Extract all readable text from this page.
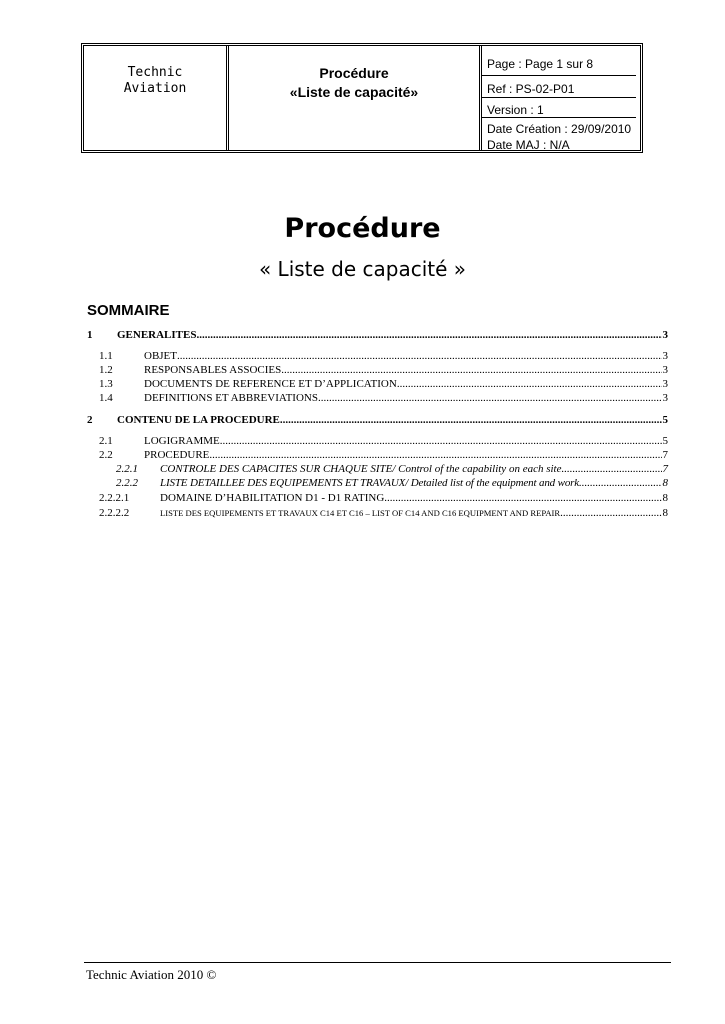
Technic
Aviation
Procédure
«Liste de capacité»
Page : Page 1 sur 8
Ref : PS-02-P01
Version : 1
Date Création : 29/09/2010
Date MAJ : N/A
Procédure
« Liste de capacité »
SOMMAIRE
1	GENERALITES .....	3
1.1	OBJET .....	3
1.2	RESPONSABLES ASSOCIES .....	3
1.3	DOCUMENTS DE REFERENCE ET D’APPLICATION .....	3
1.4	DEFINITIONS ET ABBREVIATIONS .....	3
2	CONTENU DE LA PROCEDURE .....	5
2.1	LOGIGRAMME .....	5
2.2	PROCEDURE .....	7
2.2.1	CONTROLE DES CAPACITES SUR CHAQUE SITE/ Control of the capability on each site .....	7
2.2.2	LISTE DETAILLEE DES EQUIPEMENTS ET TRAVAUX/ Detailed list of the equipment and work .....	8
2.2.2.1	DOMAINE D’HABILITATION D1 - D1 RATING .....	8
2.2.2.2	LISTE DES EQUIPEMENTS ET TRAVAUX C14 ET C16 – LIST OF C14 AND C16 EQUIPMENT AND REPAIR .....	8
Technic Aviation 2010 ©
